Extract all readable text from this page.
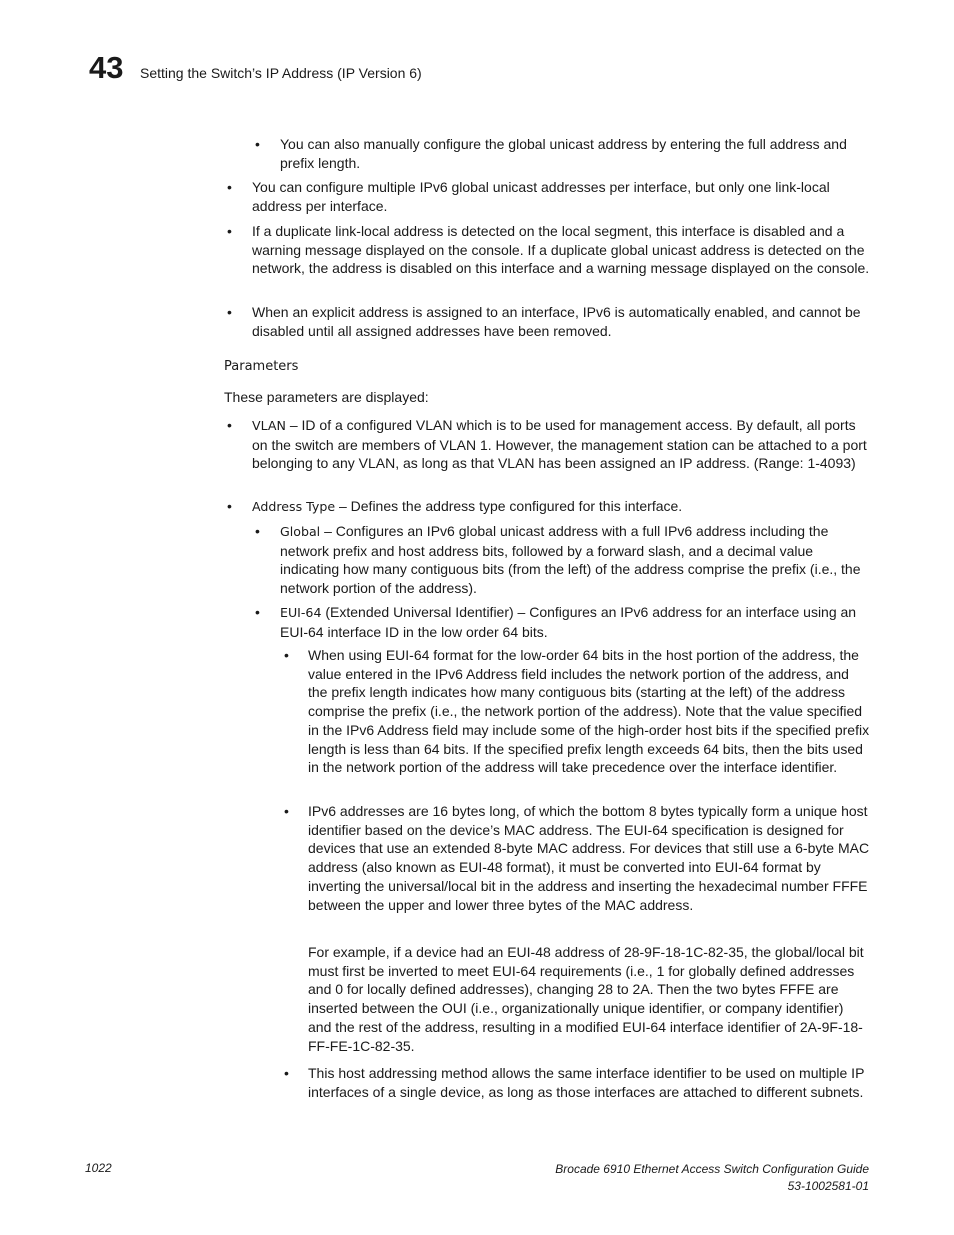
43 Setting the Switch’s IP Address (IP Version 6)
• You can also manually configure the global unicast address by entering the full address and prefix length.
• You can configure multiple IPv6 global unicast addresses per interface, but only one link-local address per interface.
• If a duplicate link-local address is detected on the local segment, this interface is disabled and a warning message displayed on the console. If a duplicate global unicast address is detected on the network, the address is disabled on this interface and a warning message displayed on the console.
• When an explicit address is assigned to an interface, IPv6 is automatically enabled, and cannot be disabled until all assigned addresses have been removed.
Parameters
These parameters are displayed:
• VLAN – ID of a configured VLAN which is to be used for management access. By default, all ports on the switch are members of VLAN 1. However, the management station can be attached to a port belonging to any VLAN, as long as that VLAN has been assigned an IP address. (Range: 1-4093)
• Address Type – Defines the address type configured for this interface.
• Global – Configures an IPv6 global unicast address with a full IPv6 address including the network prefix and host address bits, followed by a forward slash, and a decimal value indicating how many contiguous bits (from the left) of the address comprise the prefix (i.e., the network portion of the address).
• EUI-64 (Extended Universal Identifier) – Configures an IPv6 address for an interface using an EUI-64 interface ID in the low order 64 bits.
• When using EUI-64 format for the low-order 64 bits in the host portion of the address, the value entered in the IPv6 Address field includes the network portion of the address, and the prefix length indicates how many contiguous bits (starting at the left) of the address comprise the prefix (i.e., the network portion of the address). Note that the value specified in the IPv6 Address field may include some of the high-order host bits if the specified prefix length is less than 64 bits. If the specified prefix length exceeds 64 bits, then the bits used in the network portion of the address will take precedence over the interface identifier.
• IPv6 addresses are 16 bytes long, of which the bottom 8 bytes typically form a unique host identifier based on the device’s MAC address. The EUI-64 specification is designed for devices that use an extended 8-byte MAC address. For devices that still use a 6-byte MAC address (also known as EUI-48 format), it must be converted into EUI-64 format by inverting the universal/local bit in the address and inserting the hexadecimal number FFFE between the upper and lower three bytes of the MAC address.
For example, if a device had an EUI-48 address of 28-9F-18-1C-82-35, the global/local bit must first be inverted to meet EUI-64 requirements (i.e., 1 for globally defined addresses and 0 for locally defined addresses), changing 28 to 2A. Then the two bytes FFFE are inserted between the OUI (i.e., organizationally unique identifier, or company identifier) and the rest of the address, resulting in a modified EUI-64 interface identifier of 2A-9F-18-FF-FE-1C-82-35.
• This host addressing method allows the same interface identifier to be used on multiple IP interfaces of a single device, as long as those interfaces are attached to different subnets.
1022	Brocade 6910 Ethernet Access Switch Configuration Guide
53-1002581-01
